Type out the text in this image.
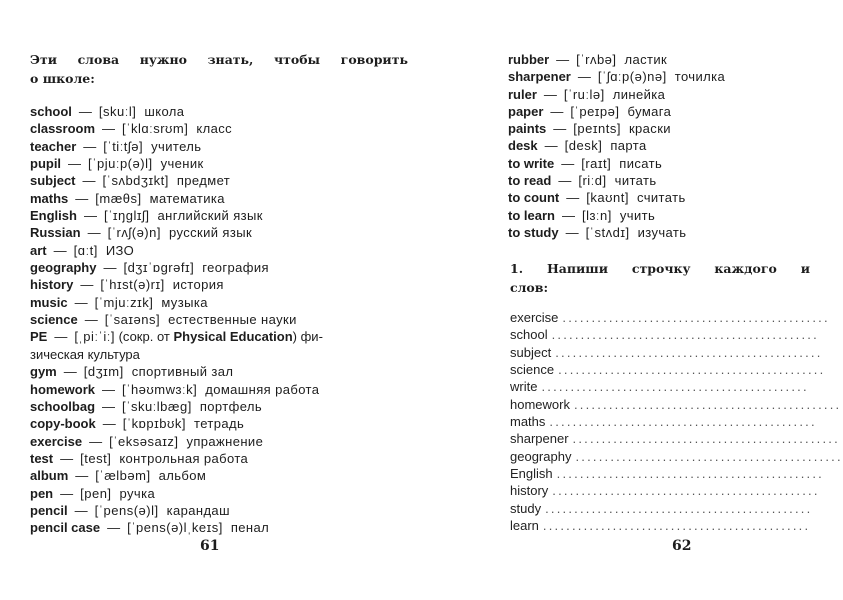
Эти слова нужно знать, чтобы говорить
о школе:
school — [skuːl] школа
classroom — [ˈklɑːsrʊm] класс
teacher — [ˈtiːtʃə] учитель
pupil — [ˈpjuːp(ə)l] ученик
subject — [ˈsʌbdʒɪkt] предмет
maths — [mæθs] математика
English — [ˈɪŋglɪʃ] английский язык
Russian — [ˈrʌʃ(ə)n] русский язык
art — [ɑːt] ИЗО
geography — [dʒɪˈɒgrəfɪ] география
history — [ˈhɪst(ə)rɪ] история
music — [ˈmjuːzɪk] музыка
science — [ˈsaɪəns] естественные науки
PE — [ˌpiːˈiː] (сокр. от Physical Education) фи-
зическая культура
gym — [dʒɪm] спортивный зал
homework — [ˈhəʊmwɜːk] домашняя работа
schoolbag — [ˈskuːlbæg] портфель
copy-book — [ˈkɒpɪbʊk] тетрадь
exercise — [ˈeksəsaɪz] упражнение
test — [test] контрольная работа
album — [ˈælbəm] альбом
pen — [pen] ручка
pencil — [ˈpens(ə)l] карандаш
pencil case — [ˈpens(ə)lˌkeɪs] пенал
61
rubber — [ˈrʌbə] ластик
sharpener — [ˈʃɑːp(ə)nə] точилка
ruler — [ˈruːlə] линейка
paper — [ˈpeɪpə] бумага
paints — [peɪnts] краски
desk — [desk] парта
to write — [raɪt] писать
to read — [riːd] читать
to count — [kaʊnt] считать
to learn — [lɜːn] учить
to study — [ˈstʌdɪ] изучать
1. Напиши строчку каждого и
слов:
exercise ..............................................
school ..............................................
subject ..............................................
science ..............................................
write ..............................................
homework ..............................................
maths ..............................................
sharpener ..............................................
geography ..............................................
English ..............................................
history ..............................................
study ..............................................
learn ..............................................
62
